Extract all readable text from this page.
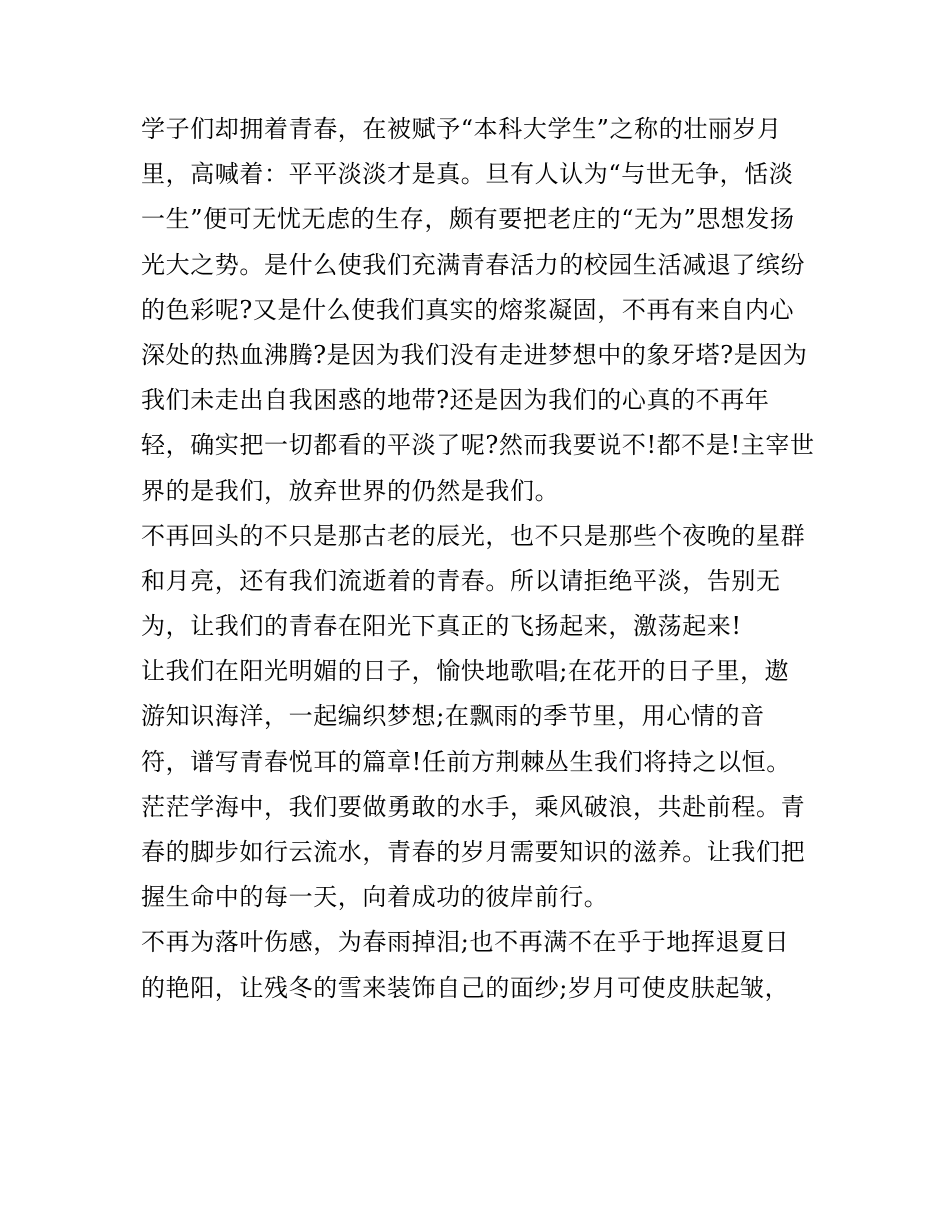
学子们却拥着青春，在被赋予“本科大学生”之称的壮丽岁月
里，高喊着：平平淡淡才是真。旦有人认为“与世无争，恬淡
一生”便可无忧无虑的生存，颇有要把老庄的“无为”思想发扬
光大之势。是什么使我们充满青春活力的校园生活减退了缤纷
的色彩呢?又是什么使我们真实的熔浆凝固，不再有来自内心
深处的热血沸腾?是因为我们没有走进梦想中的象牙塔?是因为
我们未走出自我困惑的地带?还是因为我们的心真的不再年
轻，确实把一切都看的平淡了呢?然而我要说不!都不是!主宰世
界的是我们，放弃世界的仍然是我们。
不再回头的不只是那古老的辰光，也不只是那些个夜晚的星群
和月亮，还有我们流逝着的青春。所以请拒绝平淡，告别无
为，让我们的青春在阳光下真正的飞扬起来，激荡起来!
让我们在阳光明媚的日子，愉快地歌唱;在花开的日子里，遨
游知识海洋，一起编织梦想;在飘雨的季节里，用心情的音
符，谱写青春悦耳的篇章!任前方荆棘丛生我们将持之以恒。
茫茫学海中，我们要做勇敢的水手，乘风破浪，共赴前程。青
春的脚步如行云流水，青春的岁月需要知识的滋养。让我们把
握生命中的每一天，向着成功的彼岸前行。
不再为落叶伤感，为春雨掉泪;也不再满不在乎于地挥退夏日
的艳阳，让残冬的雪来装饰自己的面纱;岁月可使皮肤起皱，
